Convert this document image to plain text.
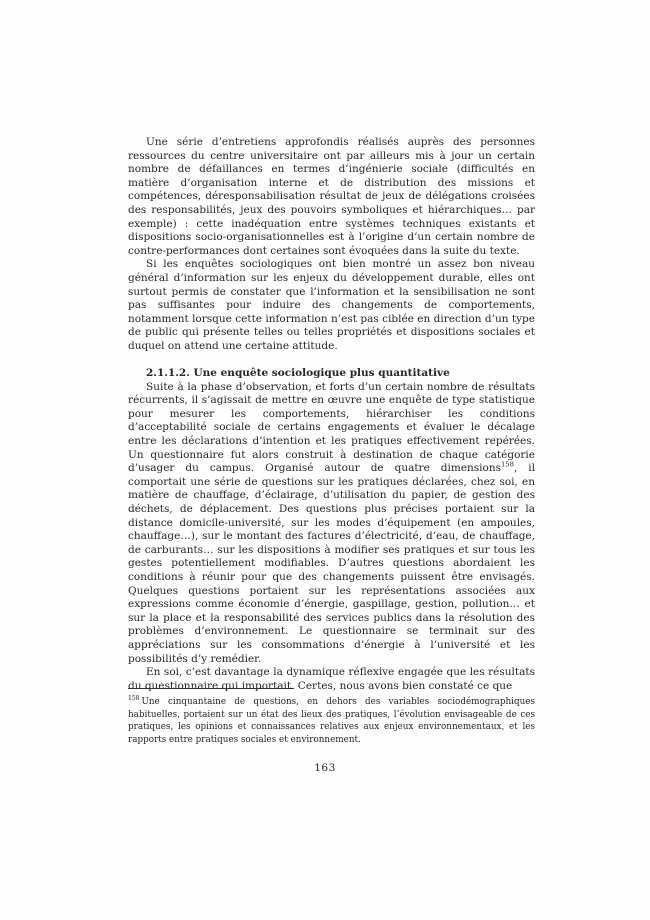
Une série d’entretiens approfondis réalisés auprès des personnes ressources du centre universitaire ont par ailleurs mis à jour un certain nombre de défaillances en termes d’ingénierie sociale (difficultés en matière d’organisation interne et de distribution des missions et compétences, déresponsabilisation résultat de jeux de délégations croisées des responsabilités, jeux des pouvoirs symboliques et hiérarchiques… par exemple) : cette inadéquation entre systèmes techniques existants et dispositions socio-organisationnelles est à l’origine d’un certain nombre de contre-performances dont certaines sont évoquées dans la suite du texte.

Si les enquêtes sociologiques ont bien montré un assez bon niveau général d’information sur les enjeux du développement durable, elles ont surtout permis de constater que l’information et la sensibilisation ne sont pas suffisantes pour induire des changements de comportements, notamment lorsque cette information n’est pas ciblée en direction d’un type de public qui présente telles ou telles propriétés et dispositions sociales et duquel on attend une certaine attitude.

2.1.1.2. Une enquête sociologique plus quantitative

Suite à la phase d’observation, et forts d’un certain nombre de résultats récurrents, il s’agissait de mettre en œuvre une enquête de type statistique pour mesurer les comportements, hiérarchiser les conditions d’acceptabilité sociale de certains engagements et évaluer le décalage entre les déclarations d’intention et les pratiques effectivement repérées. Un questionnaire fut alors construit à destination de chaque catégorie d’usager du campus. Organisé autour de quatre dimensions$^{158}$, il comportait une série de questions sur les pratiques déclarées, chez soi, en matière de chauffage, d’éclairage, d’utilisation du papier, de gestion des déchets, de déplacement. Des questions plus précises portaient sur la distance domicile-université, sur les modes d’équipement (en ampoules, chauffage…), sur le montant des factures d’électricité, d’eau, de chauffage, de carburants… sur les dispositions à modifier ses pratiques et sur tous les gestes potentiellement modifiables. D’autres questions abordaient les conditions à réunir pour que des changements puissent être envisagés. Quelques questions portaient sur les représentations associées aux expressions comme économie d’énergie, gaspillage, gestion, pollution… et sur la place et la responsabilité des services publics dans la résolution des problèmes d’environnement. Le questionnaire se terminait sur des appréciations sur les consommations d’énergie à l’université et les possibilités d’y remédier.

En soi, c’est davantage la dynamique réflexive engagée que les résultats du questionnaire qui importait. Certes, nous avons bien constaté ce que

$^{158}$ Une cinquantaine de questions, en dehors des variables sociodémographiques habituelles, portaient sur un état des lieux des pratiques, l’évolution envisageable de ces pratiques, les opinions et connaissances relatives aux enjeux environnementaux, et les rapports entre pratiques sociales et environnement.

163
